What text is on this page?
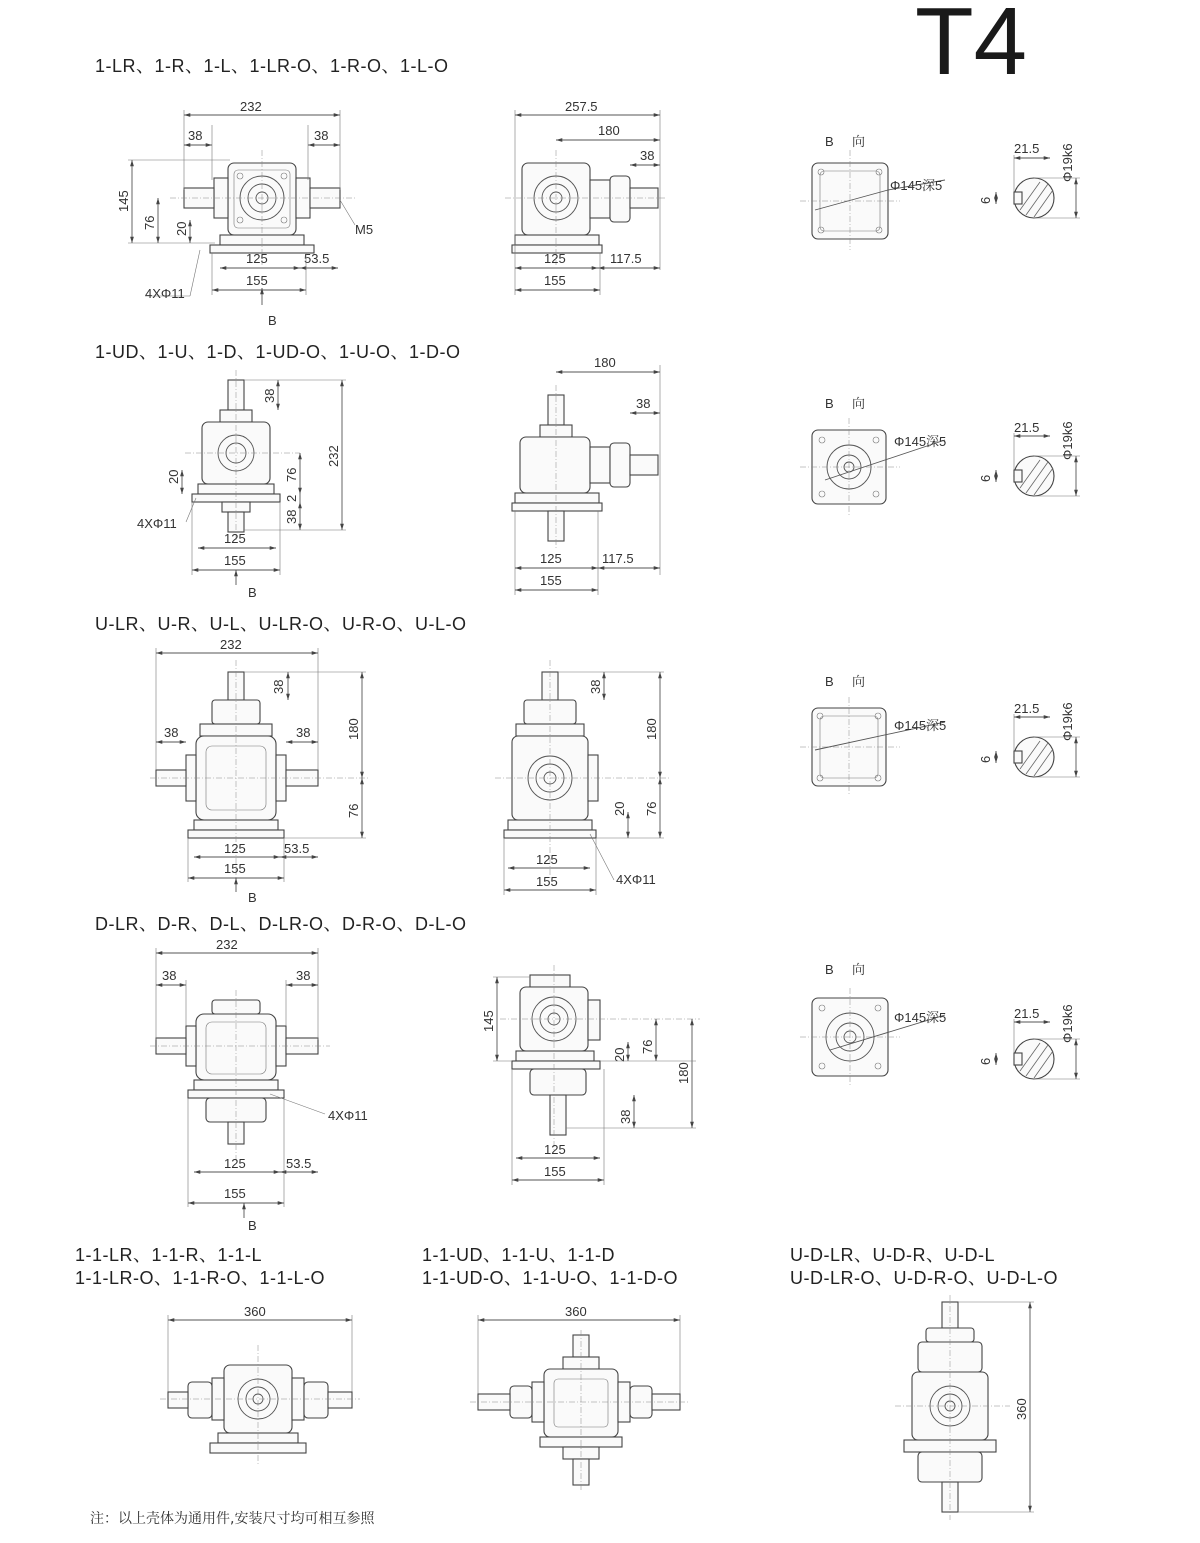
T4
1-LR、1-R、1-L、1-LR-O、1-R-O、1-L-O
1-UD、1-U、1-D、1-UD-O、1-U-O、1-D-O
U-LR、U-R、U-L、U-LR-O、U-R-O、U-L-O
D-LR、D-R、D-L、D-LR-O、D-R-O、D-L-O
1-1-LR、1-1-R、1-1-L
1-1-LR-O、1-1-R-O、1-1-L-O
1-1-UD、1-1-U、1-1-D
1-1-UD-O、1-1-U-O、1-1-D-O
U-D-LR、U-D-R、U-D-L
U-D-LR-O、U-D-R-O、U-D-L-O
注：以上壳体为通用件,安装尺寸均可相互参照
232
38	38
145
76 20
125	53.5
155
4XΦ11
M5
B
257.5
180
38
125	117.5
155
B 向
Φ145深5
21.5 Φ19k6
6
38
232
76
2
38
20
4XΦ11
125
155
B
180
38
125	117.5
155
B 向
Φ145深5
21.5 Φ19k6
6
232
38	38
38
180
76
125	53.5
155
B
38
180
76
20
125
155	4XΦ11
B 向
Φ145深5
21.5 Φ19k6
6
232
38	38
4XΦ11
125	53.5
155
B
145
20
76
180
38
125
155
B 向
Φ145深5	21.5 Φ19k6
6
360	360
360
